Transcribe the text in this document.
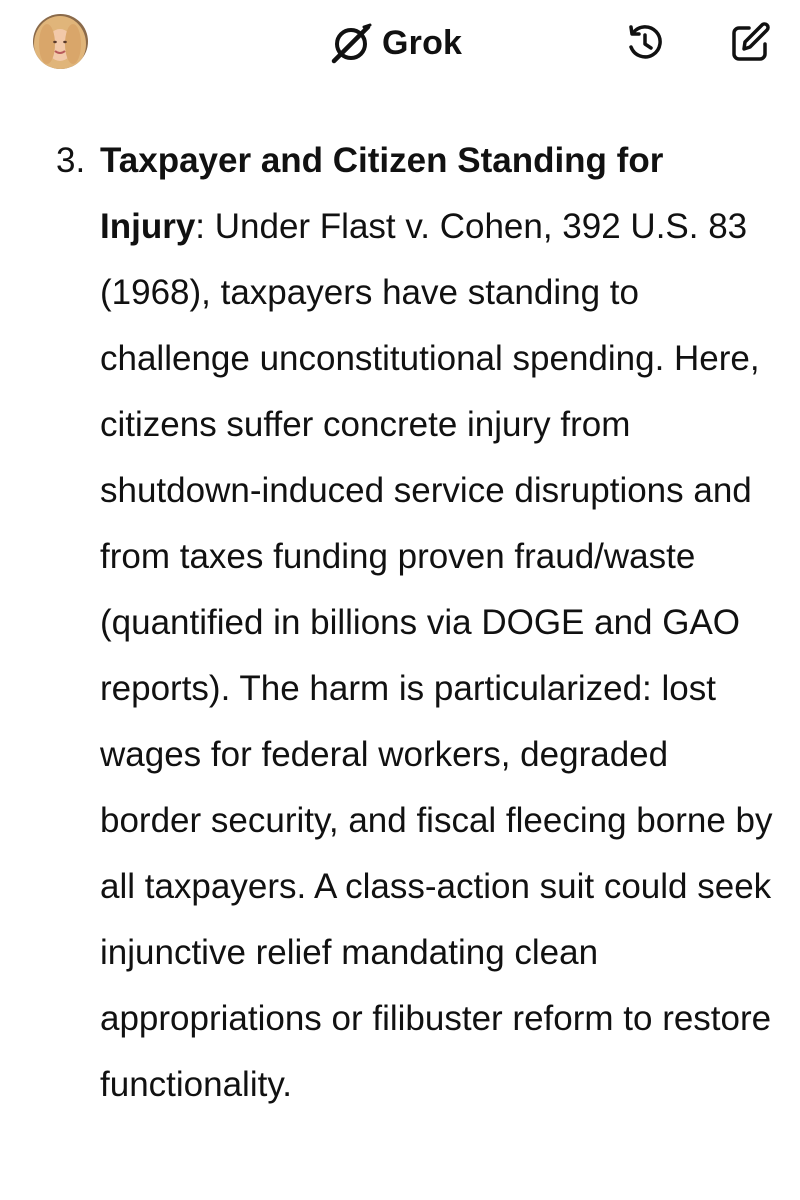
Grok
3. Taxpayer and Citizen Standing for Injury: Under Flast v. Cohen, 392 U.S. 83 (1968), taxpayers have standing to challenge unconstitutional spending. Here, citizens suffer concrete injury from shutdown-induced service disruptions and from taxes funding proven fraud/waste (quantified in billions via DOGE and GAO reports). The harm is particularized: lost wages for federal workers, degraded border security, and fiscal fleecing borne by all taxpayers. A class-action suit could seek injunctive relief mandating clean appropriations or filibuster reform to restore functionality.
